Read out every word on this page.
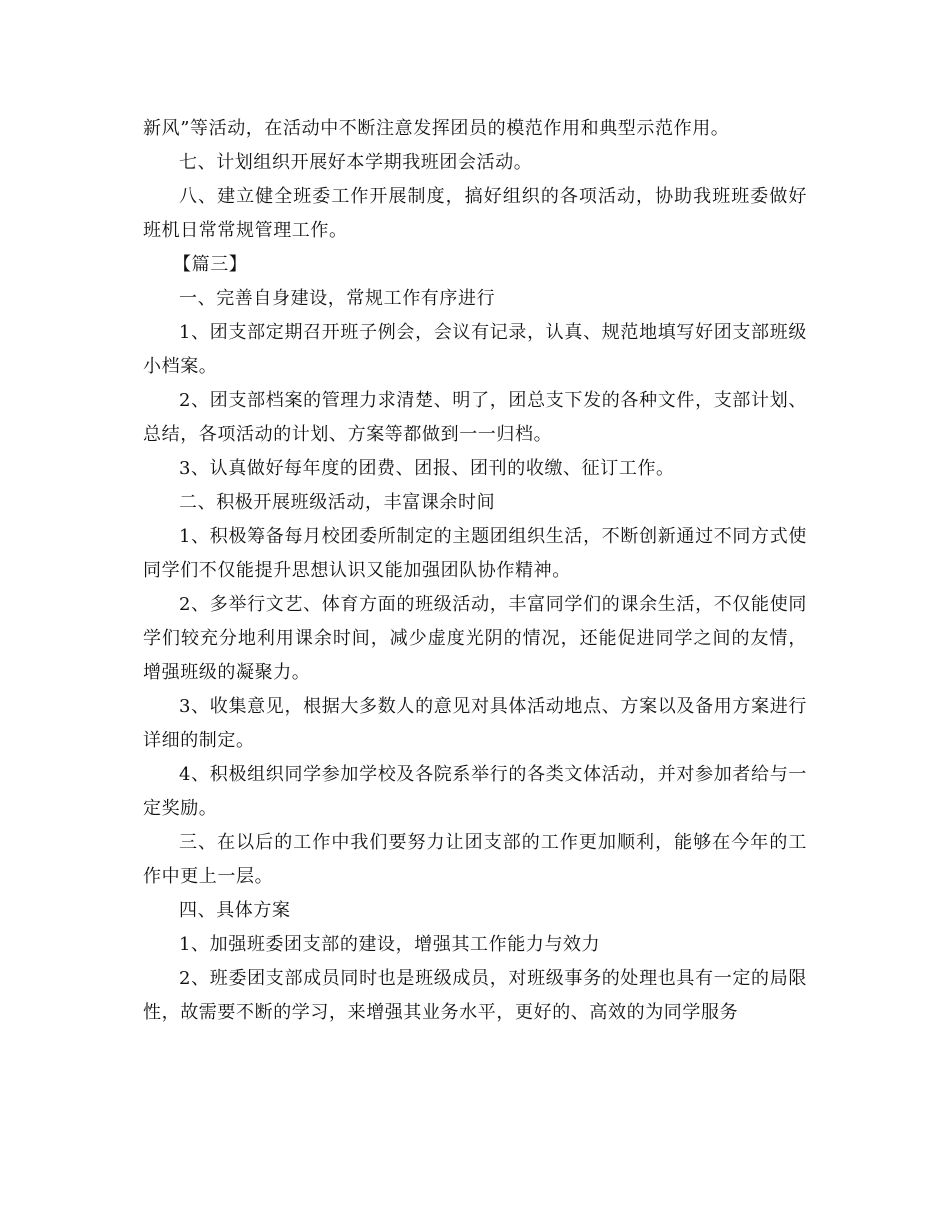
新风”等活动，在活动中不断注意发挥团员的模范作用和典型示范作用。

七、计划组织开展好本学期我班团会活动。

八、建立健全班委工作开展制度，搞好组织的各项活动，协助我班班委做好班机日常常规管理工作。

【篇三】

一、完善自身建设，常规工作有序进行

1、团支部定期召开班子例会，会议有记录，认真、规范地填写好团支部班级小档案。

2、团支部档案的管理力求清楚、明了，团总支下发的各种文件，支部计划、总结，各项活动的计划、方案等都做到一一归档。

3、认真做好每年度的团费、团报、团刊的收缴、征订工作。

二、积极开展班级活动，丰富课余时间

1、积极筹备每月校团委所制定的主题团组织生活，不断创新通过不同方式使同学们不仅能提升思想认识又能加强团队协作精神。

2、多举行文艺、体育方面的班级活动，丰富同学们的课余生活，不仅能使同学们较充分地利用课余时间，减少虚度光阴的情况，还能促进同学之间的友情，增强班级的凝聚力。

3、收集意见，根据大多数人的意见对具体活动地点、方案以及备用方案进行详细的制定。

4、积极组织同学参加学校及各院系举行的各类文体活动，并对参加者给与一定奖励。

三、在以后的工作中我们要努力让团支部的工作更加顺利，能够在今年的工作中更上一层。

四、具体方案

1、加强班委团支部的建设，增强其工作能力与效力

2、班委团支部成员同时也是班级成员，对班级事务的处理也具有一定的局限性，故需要不断的学习，来增强其业务水平，更好的、高效的为同学服务
